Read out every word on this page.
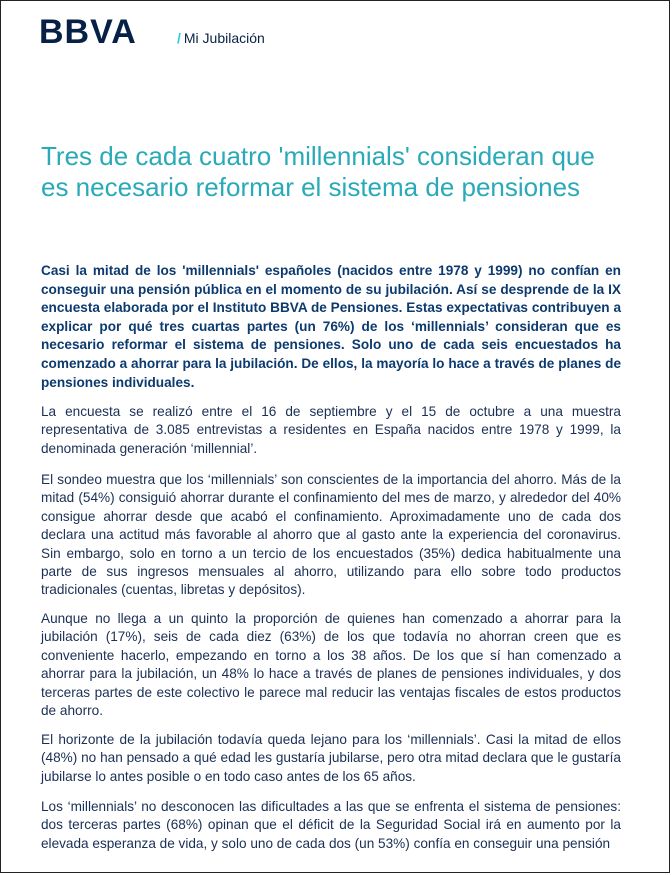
BBVA	/ Mi Jubilación
Tres de cada cuatro 'millennials' consideran que es necesario reformar el sistema de pensiones

Casi la mitad de los 'millennials' españoles (nacidos entre 1978 y 1999) no confían en conseguir una pensión pública en el momento de su jubilación. Así se desprende de la IX encuesta elaborada por el Instituto BBVA de Pensiones. Estas expectativas contribuyen a explicar por qué tres cuartas partes (un 76%) de los ‘millennials’ consideran que es necesario reformar el sistema de pensiones. Solo uno de cada seis encuestados ha comenzado a ahorrar para la jubilación. De ellos, la mayoría lo hace a través de planes de pensiones individuales.

La encuesta se realizó entre el 16 de septiembre y el 15 de octubre a una muestra representativa de 3.085 entrevistas a residentes en España nacidos entre 1978 y 1999, la denominada generación ‘millennial’.

El sondeo muestra que los ‘millennials’ son conscientes de la importancia del ahorro. Más de la mitad (54%) consiguió ahorrar durante el confinamiento del mes de marzo, y alrededor del 40% consigue ahorrar desde que acabó el confinamiento. Aproximadamente uno de cada dos declara una actitud más favorable al ahorro que al gasto ante la experiencia del coronavirus. Sin embargo, solo en torno a un tercio de los encuestados (35%) dedica habitualmente una parte de sus ingresos mensuales al ahorro, utilizando para ello sobre todo productos tradicionales (cuentas, libretas y depósitos).

Aunque no llega a un quinto la proporción de quienes han comenzado a ahorrar para la jubilación (17%), seis de cada diez (63%) de los que todavía no ahorran creen que es conveniente hacerlo, empezando en torno a los 38 años. De los que sí han comenzado a ahorrar para la jubilación, un 48% lo hace a través de planes de pensiones individuales, y dos terceras partes de este colectivo le parece mal reducir las ventajas fiscales de estos productos de ahorro.

El horizonte de la jubilación todavía queda lejano para los ‘millennials’. Casi la mitad de ellos (48%) no han pensado a qué edad les gustaría jubilarse, pero otra mitad declara que le gustaría jubilarse lo antes posible o en todo caso antes de los 65 años.

Los ‘millennials’ no desconocen las dificultades a las que se enfrenta el sistema de pensiones: dos terceras partes (68%) opinan que el déficit de la Seguridad Social irá en aumento por la elevada esperanza de vida, y solo uno de cada dos (un 53%) confía en conseguir una pensión
